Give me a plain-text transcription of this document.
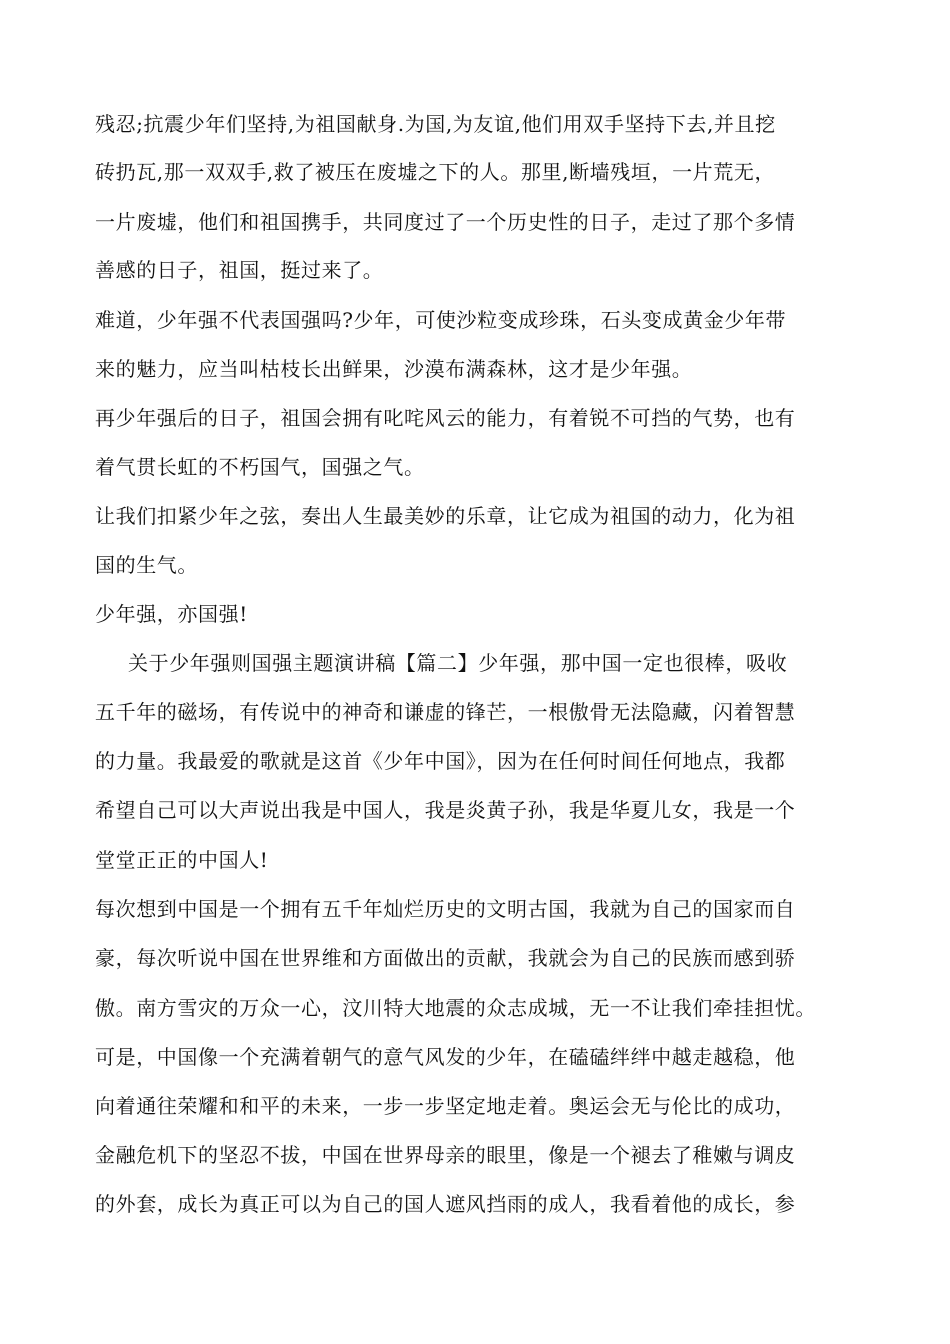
残忍;抗震少年们坚持,为祖国献身.为国,为友谊,他们用双手坚持下去,并且挖
砖扔瓦,那一双双手,救了被压在废墟之下的人。那里,断墙残垣，一片荒无，
一片废墟，他们和祖国携手，共同度过了一个历史性的日子，走过了那个多情
善感的日子，祖国，挺过来了。
难道，少年强不代表国强吗?少年，可使沙粒变成珍珠，石头变成黄金少年带
来的魅力，应当叫枯枝长出鲜果，沙漠布满森林，这才是少年强。
再少年强后的日子，祖国会拥有叱咤风云的能力，有着锐不可挡的气势，也有
着气贯长虹的不朽国气，国强之气。
让我们扣紧少年之弦，奏出人生最美妙的乐章，让它成为祖国的动力，化为祖
国的生气。
少年强，亦国强!
关于少年强则国强主题演讲稿【篇二】少年强，那中国一定也很棒，吸收
五千年的磁场，有传说中的神奇和谦虚的锋芒，一根傲骨无法隐藏，闪着智慧
的力量。我最爱的歌就是这首《少年中国》，因为在任何时间任何地点，我都
希望自己可以大声说出我是中国人，我是炎黄子孙，我是华夏儿女，我是一个
堂堂正正的中国人!
每次想到中国是一个拥有五千年灿烂历史的文明古国，我就为自己的国家而自
豪，每次听说中国在世界维和方面做出的贡献，我就会为自己的民族而感到骄
傲。南方雪灾的万众一心，汶川特大地震的众志成城，无一不让我们牵挂担忧。
可是，中国像一个充满着朝气的意气风发的少年，在磕磕绊绊中越走越稳，他
向着通往荣耀和和平的未来，一步一步坚定地走着。奥运会无与伦比的成功，
金融危机下的坚忍不拔，中国在世界母亲的眼里，像是一个褪去了稚嫩与调皮
的外套，成长为真正可以为自己的国人遮风挡雨的成人，我看着他的成长，参
